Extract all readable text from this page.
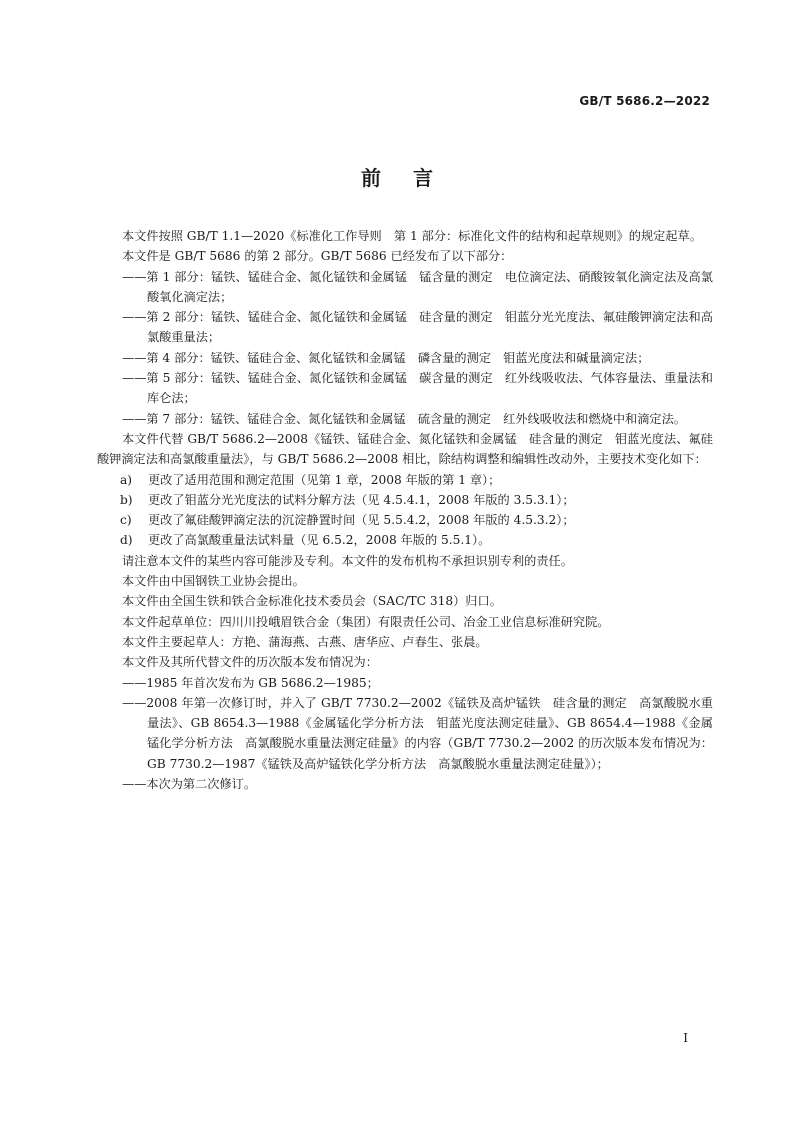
GB/T 5686.2—2022
前言

本文件按照 GB/T 1.1—2020《标准化工作导则　第 1 部分：标准化文件的结构和起草规则》的规定起草。

本文件是 GB/T 5686 的第 2 部分。GB/T 5686 已经发布了以下部分：

——第 1 部分：锰铁、锰硅合金、氮化锰铁和金属锰　锰含量的测定　电位滴定法、硝酸铵氧化滴定法及高氯酸氧化滴定法；

——第 2 部分：锰铁、锰硅合金、氮化锰铁和金属锰　硅含量的测定　钼蓝分光光度法、氟硅酸钾滴定法和高氯酸重量法；

——第 4 部分：锰铁、锰硅合金、氮化锰铁和金属锰　磷含量的测定　钼蓝光度法和碱量滴定法；

——第 5 部分：锰铁、锰硅合金、氮化锰铁和金属锰　碳含量的测定　红外线吸收法、气体容量法、重量法和库仑法；

——第 7 部分：锰铁、锰硅合金、氮化锰铁和金属锰　硫含量的测定　红外线吸收法和燃烧中和滴定法。

本文件代替 GB/T 5686.2—2008《锰铁、锰硅合金、氮化锰铁和金属锰　硅含量的测定　钼蓝光度法、氟硅酸钾滴定法和高氯酸重量法》，与 GB/T 5686.2—2008 相比，除结构调整和编辑性改动外，主要技术变化如下：

a) 更改了适用范围和测定范围（见第 1 章，2008 年版的第 1 章）；

b) 更改了钼蓝分光光度法的试料分解方法（见 4.5.4.1，2008 年版的 3.5.3.1）；

c) 更改了氟硅酸钾滴定法的沉淀静置时间（见 5.5.4.2，2008 年版的 4.5.3.2）；

d) 更改了高氯酸重量法试料量（见 6.5.2，2008 年版的 5.5.1）。

请注意本文件的某些内容可能涉及专利。本文件的发布机构不承担识别专利的责任。

本文件由中国钢铁工业协会提出。

本文件由全国生铁和铁合金标准化技术委员会（SAC/TC 318）归口。

本文件起草单位：四川川投峨眉铁合金（集团）有限责任公司、冶金工业信息标准研究院。

本文件主要起草人：方艳、蒲海燕、古燕、唐华应、卢春生、张晨。

本文件及其所代替文件的历次版本发布情况为：

——1985 年首次发布为 GB 5686.2—1985；

——2008 年第一次修订时，并入了 GB/T 7730.2—2002《锰铁及高炉锰铁　硅含量的测定　高氯酸脱水重量法》、GB 8654.3—1988《金属锰化学分析方法　钼蓝光度法测定硅量》、GB 8654.4—1988《金属锰化学分析方法　高氯酸脱水重量法测定硅量》的内容（GB/T 7730.2—2002 的历次版本发布情况为：GB 7730.2—1987《锰铁及高炉锰铁化学分析方法　高氯酸脱水重量法测定硅量》）；

——本次为第二次修订。

I
